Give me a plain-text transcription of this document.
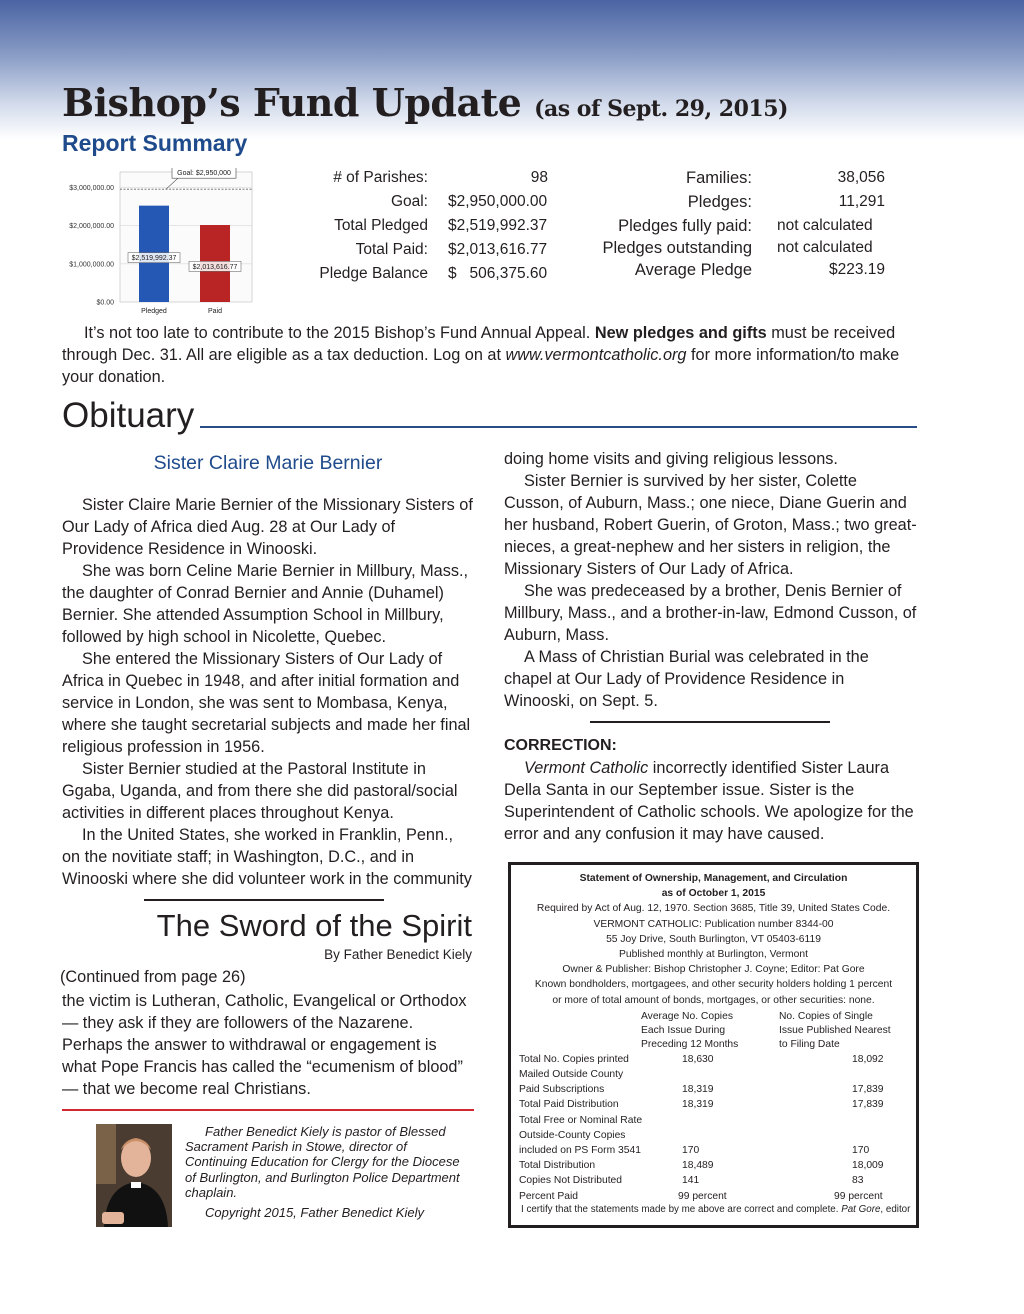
Bishop’s Fund Update (as of Sept. 29, 2015)
Report Summary
$3,000,000.00
$2,000,000.00
$1,000,000.00
$0.00
Goal: $2,950,000
$2,519,992.37
Pledged
$2,013,616.77
Paid
# of Parishes:	98
Goal:	$2,950,000.00
Total Pledged	$2,519,992.37
Total Paid:	$2,013,616.77
Pledge Balance	$   506,375.60
Families:	38,056
Pledges:	11,291
Pledges fully paid:	not calculated
Pledges outstanding	not calculated
Average Pledge	$223.19

It’s not too late to contribute to the 2015 Bishop’s Fund Annual Appeal. New pledges and gifts must be received through Dec. 31. All are eligible as a tax deduction. Log on at www.vermontcatholic.org for more information/to make your donation.

Obituary
Sister Claire Marie Bernier

Sister Claire Marie Bernier of the Missionary Sisters of Our Lady of Africa died Aug. 28 at Our Lady of Providence Residence in Winooski.

She was born Celine Marie Bernier in Millbury, Mass., the daughter of Conrad Bernier and Annie (Duhamel) Bernier. She attended Assumption School in Millbury, followed by high school in Nicolette, Quebec.

She entered the Missionary Sisters of Our Lady of Africa in Quebec in 1948, and after initial formation and service in London, she was sent to Mombasa, Kenya, where she taught secretarial subjects and made her final religious profession in 1956.

Sister Bernier studied at the Pastoral Institute in Ggaba, Uganda, and from there she did pastoral/social activities in different places throughout Kenya.

In the United States, she worked in Franklin, Penn., on the novitiate staff; in Washington, D.C., and in Winooski where she did volunteer work in the community

doing home visits and giving religious lessons.

Sister Bernier is survived by her sister, Colette Cusson, of Auburn, Mass.; one niece, Diane Guerin and her husband, Robert Guerin, of Groton, Mass.; two great-nieces, a great-nephew and her sisters in religion, the Missionary Sisters of Our Lady of Africa.

She was predeceased by a brother, Denis Bernier of Millbury, Mass., and a brother-in-law, Edmond Cusson, of Auburn, Mass.

A Mass of Christian Burial was celebrated in the chapel at Our Lady of Providence Residence in Winooski, on Sept. 5.

CORRECTION:

Vermont Catholic incorrectly identified Sister Laura Della Santa in our September issue. Sister is the Superintendent of Catholic schools. We apologize for the error and any confusion it may have caused.

The Sword of the Spirit
By Father Benedict Kiely
(Continued from page 26)

the victim is Lutheran, Catholic, Evangelical or Orthodox — they ask if they are followers of the Nazarene. Perhaps the answer to withdrawal or engagement is what Pope Francis has called the “ecumenism of blood” — that we become real Christians.

Father Benedict Kiely is pastor of Blessed Sacrament Parish in Stowe, director of Continuing Education for Clergy for the Diocese of Burlington, and Burlington Police Department chaplain.
Copyright 2015, Father Benedict Kiely
Statement of Ownership, Management, and Circulation
as of October 1, 2015
Required by Act of Aug. 12, 1970. Section 3685, Title 39, United States Code.
VERMONT CATHOLIC: Publication number 8344-00
55 Joy Drive, South Burlington, VT 05403-6119
Published monthly at Burlington, Vermont
Owner & Publisher: Bishop Christopher J. Coyne; Editor: Pat Gore
Known bondholders, mortgagees, and other security holders holding 1 percent
or more of total amount of bonds, mortgages, or other securities: none.
Average No. Copies
Each Issue During
Preceding 12 Months
No. Copies of Single
Issue Published Nearest
to Filing Date
Total No. Copies printed	18,630	18,092
Mailed Outside County		
Paid Subscriptions	18,319	17,839
Total Paid Distribution	18,319	17,839
Total Free or Nominal Rate		
Outside-County Copies		
included on PS Form 3541	170	170
Total Distribution	18,489	18,009
Copies Not Distributed	141	83
Percent Paid	99 percent	99 percent
I certify that the statements made by me above are correct and complete. Pat Gore, editor
